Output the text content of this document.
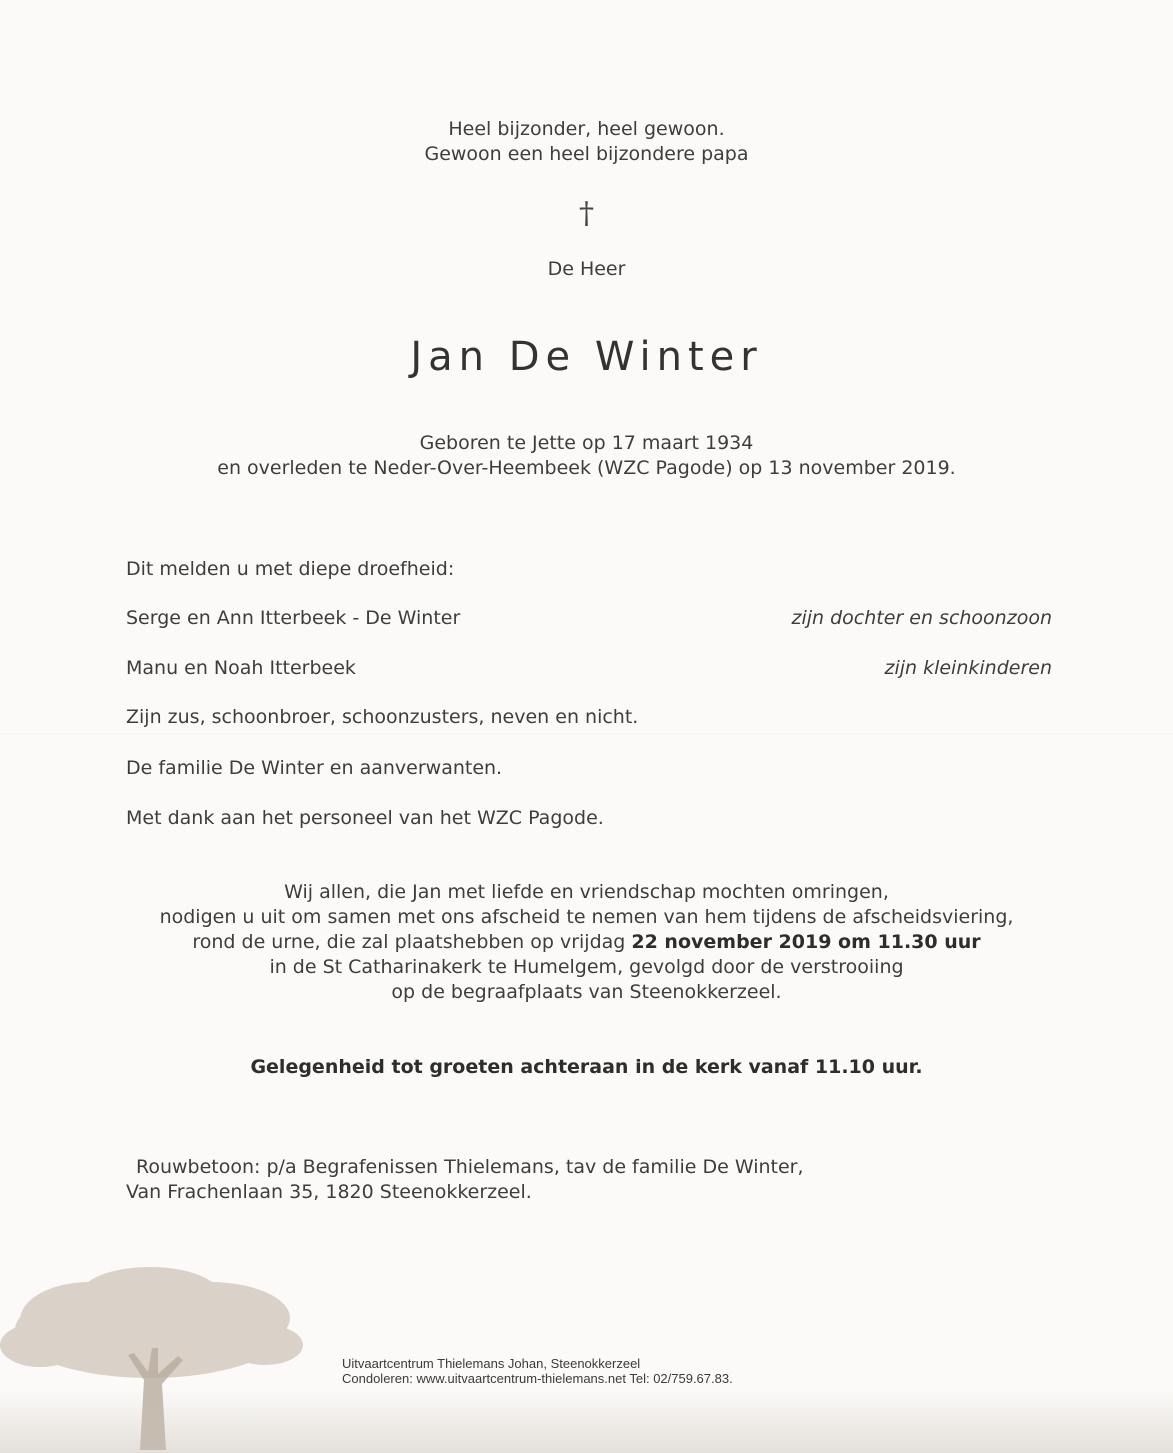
Heel bijzonder, heel gewoon.

Gewoon een heel bijzondere papa

†

De Heer

Jan De Winter

Geboren te Jette op 17 maart 1934

en overleden te Neder-Over-Heembeek (WZC Pagode) op 13 november 2019.

Dit melden u met diepe droefheid:
Serge en Ann Itterbeek - De Winter	zijn dochter en schoonzoon
Manu en Noah Itterbeek	zijn kleinkinderen
Zijn zus, schoonbroer, schoonzusters, neven en nicht.
De familie De Winter en aanverwanten.
Met dank aan het personeel van het WZC Pagode.

Wij allen, die Jan met liefde en vriendschap mochten omringen,

nodigen u uit om samen met ons afscheid te nemen van hem tijdens de afscheidsviering,

rond de urne, die zal plaatshebben op vrijdag 22 november 2019 om 11.30 uur

in de St Catharinakerk te Humelgem, gevolgd door de verstrooiing

op de begraafplaats van Steenokkerzeel.

Gelegenheid tot groeten achteraan in de kerk vanaf 11.10 uur.
Rouwbetoon: p/a Begrafenissen Thielemans, tav de familie De Winter,
Van Frachenlaan 35, 1820 Steenokkerzeel.
Uitvaartcentrum Thielemans Johan, Steenokkerzeel
Condoleren: www.uitvaartcentrum-thielemans.net Tel: 02/759.67.83.
